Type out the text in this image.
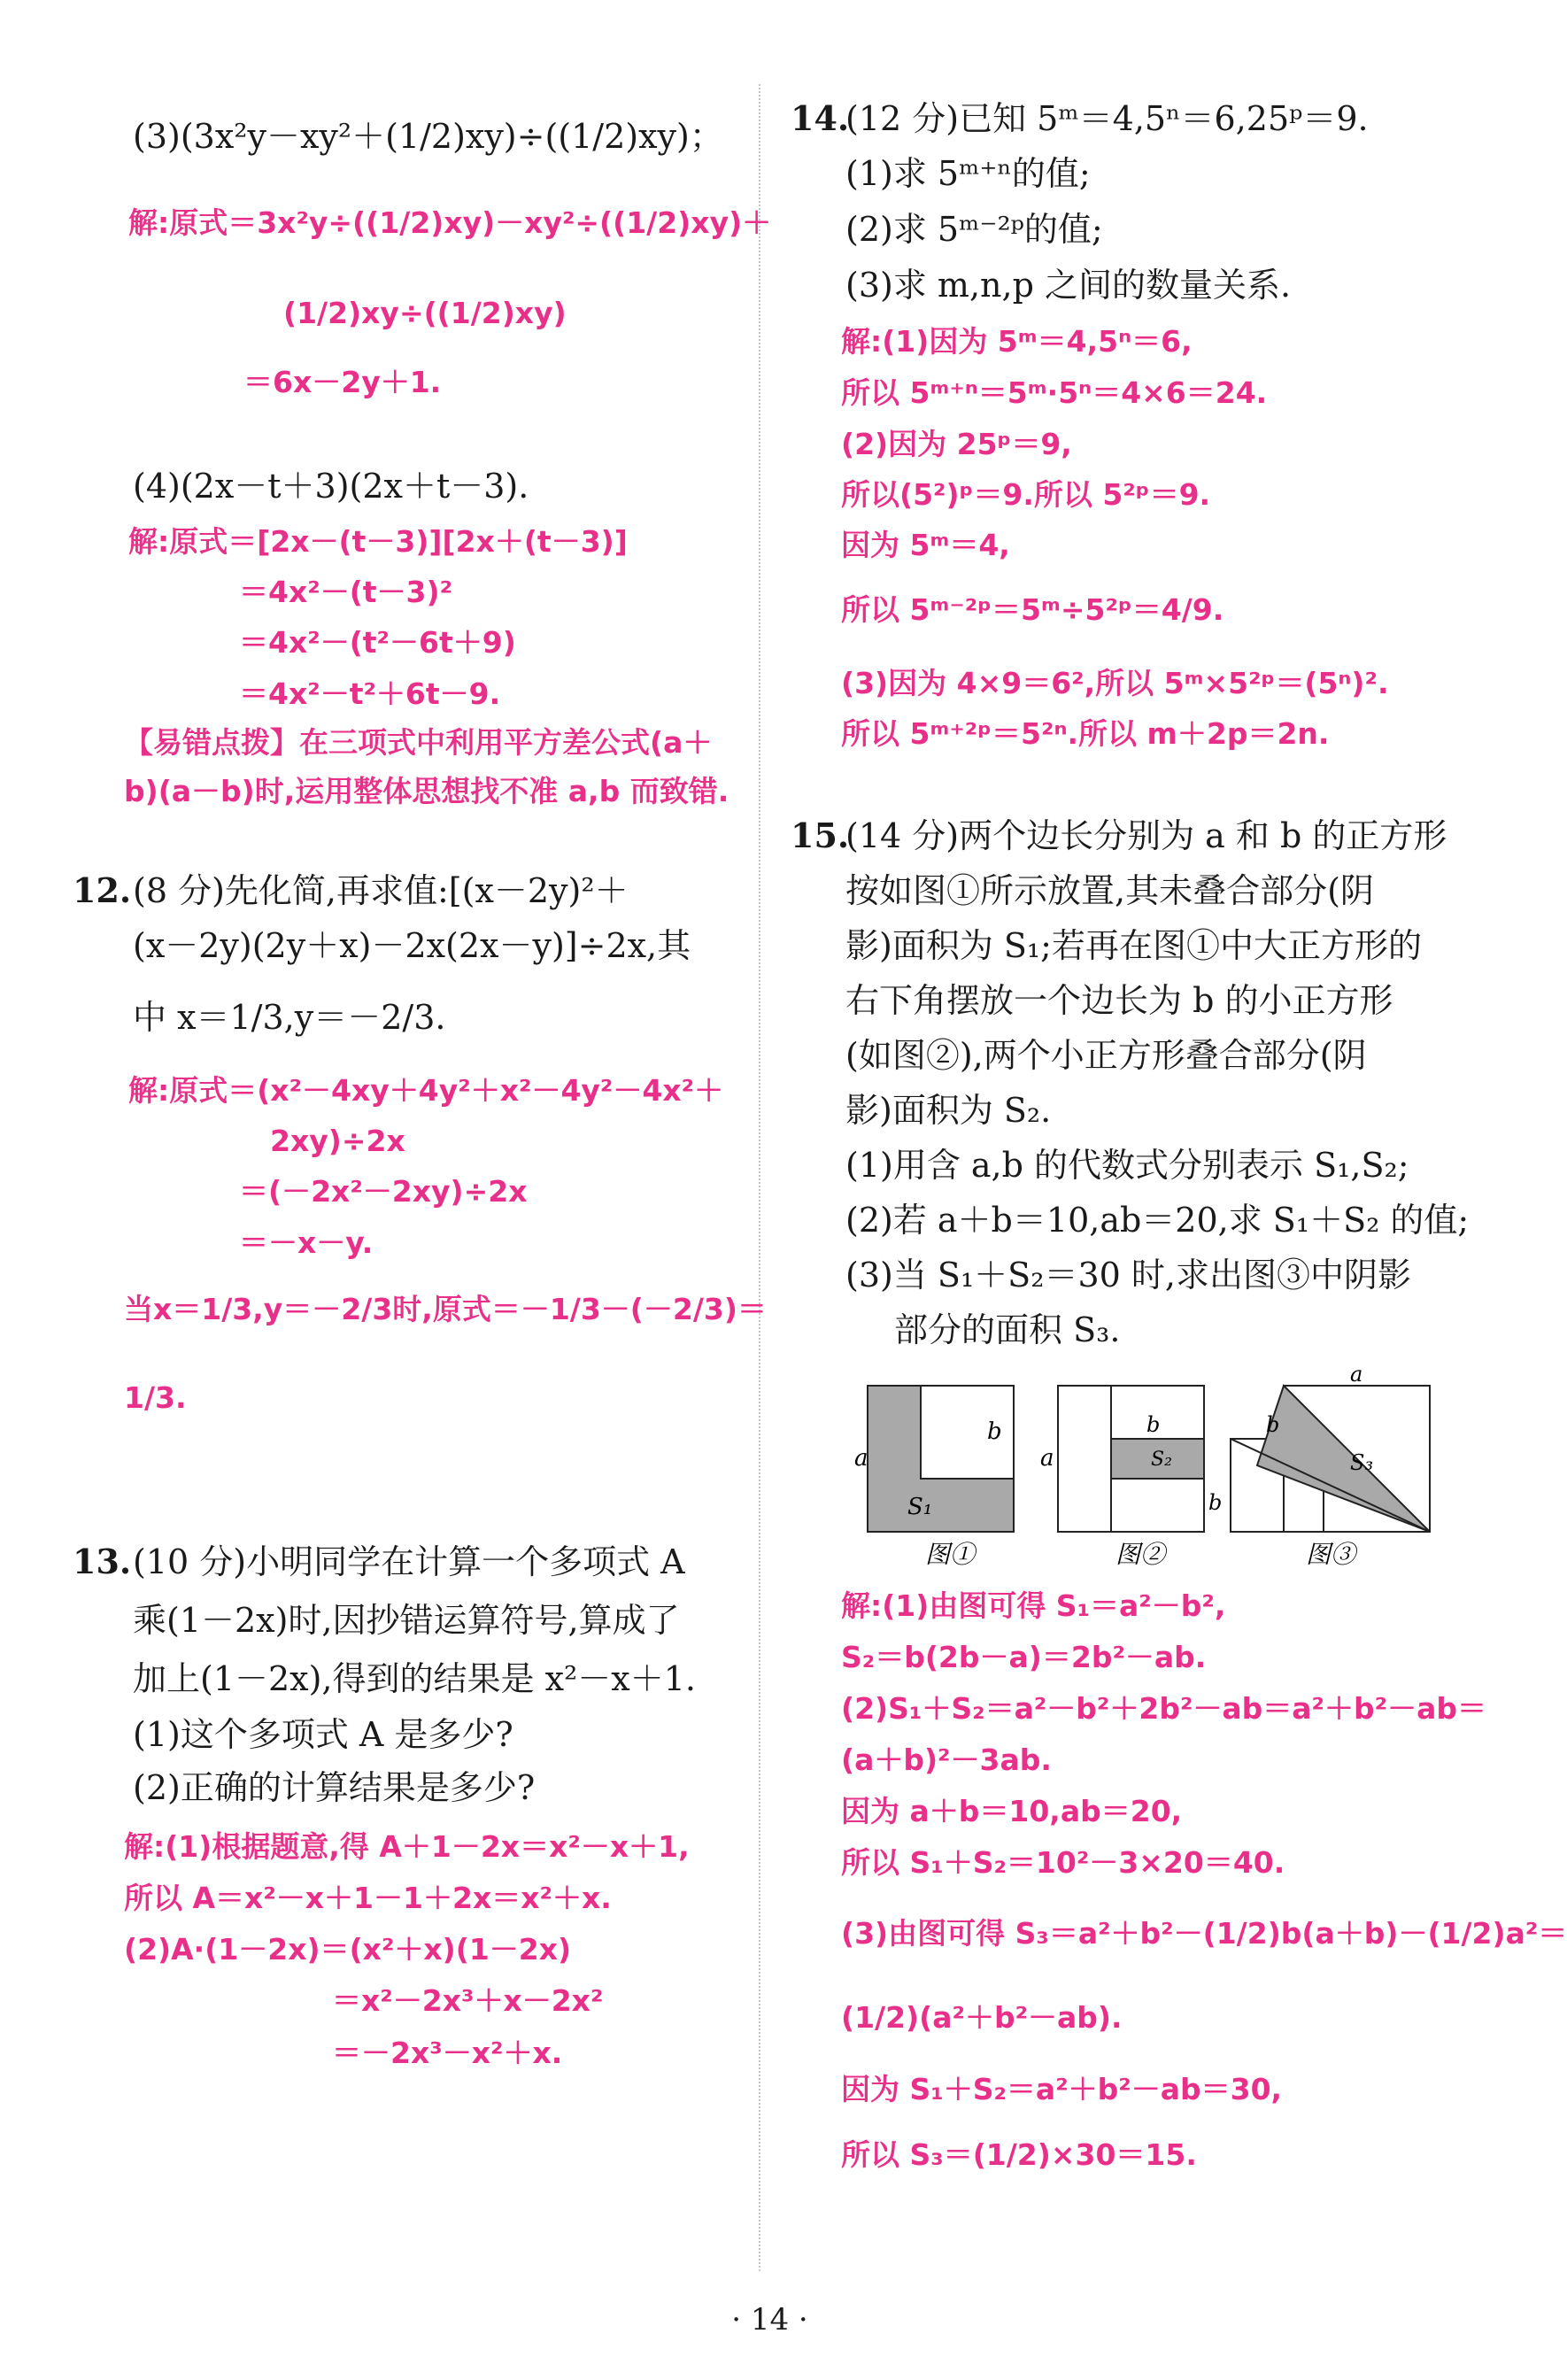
(3)(3x²y－xy²＋(1/2)xy)÷((1/2)xy)；
解:原式＝3x²y÷((1/2)xy)－xy²÷((1/2)xy)＋
(1/2)xy÷((1/2)xy)
＝6x－2y＋1.
(4)(2x－t＋3)(2x＋t－3).
解:原式＝[2x－(t－3)][2x＋(t－3)]
＝4x²－(t－3)²
＝4x²－(t²－6t＋9)
＝4x²－t²＋6t－9.
【易错点拨】在三项式中利用平方差公式(a＋
b)(a－b)时,运用整体思想找不准 a,b 而致错.
12. (8 分)先化简,再求值:[(x－2y)²＋
(x－2y)(2y＋x)－2x(2x－y)]÷2x,其
中 x＝1/3,y＝－2/3.
解:原式＝(x²－4xy＋4y²＋x²－4y²－4x²＋
2xy)÷2x
＝(－2x²－2xy)÷2x
＝－x－y.
当x＝1/3,y＝－2/3时,原式＝－1/3－(－2/3)＝
1/3.
13. (10 分)小明同学在计算一个多项式 A
乘(1－2x)时,因抄错运算符号,算成了
加上(1－2x),得到的结果是 x²－x＋1.
(1)这个多项式 A 是多少?
(2)正确的计算结果是多少?
解:(1)根据题意,得 A＋1－2x＝x²－x＋1,
所以 A＝x²－x＋1－1＋2x＝x²＋x.
(2)A·(1－2x)＝(x²＋x)(1－2x)
＝x²－2x³＋x－2x²
＝－2x³－x²＋x.
14.
(12 分)已知 5ᵐ＝4,5ⁿ＝6,25ᵖ＝9.
(1)求 5ᵐ⁺ⁿ的值;
(2)求 5ᵐ⁻²ᵖ的值;
(3)求 m,n,p 之间的数量关系.
解:(1)因为 5ᵐ＝4,5ⁿ＝6,
所以 5ᵐ⁺ⁿ＝5ᵐ·5ⁿ＝4×6＝24.
(2)因为 25ᵖ＝9,
所以(5²)ᵖ＝9.所以 5²ᵖ＝9.
因为 5ᵐ＝4,
所以 5ᵐ⁻²ᵖ＝5ᵐ÷5²ᵖ＝4/9.
(3)因为 4×9＝6²,所以 5ᵐ×5²ᵖ＝(5ⁿ)².
所以 5ᵐ⁺²ᵖ＝5²ⁿ.所以 m＋2p＝2n.
15.
(14 分)两个边长分别为 a 和 b 的正方形
按如图①所示放置,其未叠合部分(阴
影)面积为 S₁;若再在图①中大正方形的
右下角摆放一个边长为 b 的小正方形
(如图②),两个小正方形叠合部分(阴
影)面积为 S₂.
(1)用含 a,b 的代数式分别表示 S₁,S₂;
(2)若 a＋b＝10,ab＝20,求 S₁＋S₂ 的值;
(3)当 S₁＋S₂＝30 时,求出图③中阴影
部分的面积 S₃.
a
b
S₁
图①
a
b
b
S₂
图②
a
b
S₃
图③
解:(1)由图可得 S₁＝a²－b²,
S₂＝b(2b－a)＝2b²－ab.
(2)S₁＋S₂＝a²－b²＋2b²－ab＝a²＋b²－ab＝
(a＋b)²－3ab.
因为 a＋b＝10,ab＝20,
所以 S₁＋S₂＝10²－3×20＝40.
(3)由图可得 S₃＝a²＋b²－(1/2)b(a＋b)－(1/2)a²＝
(1/2)(a²＋b²－ab).
因为 S₁＋S₂＝a²＋b²－ab＝30,
所以 S₃＝(1/2)×30＝15.
· 14 ·
